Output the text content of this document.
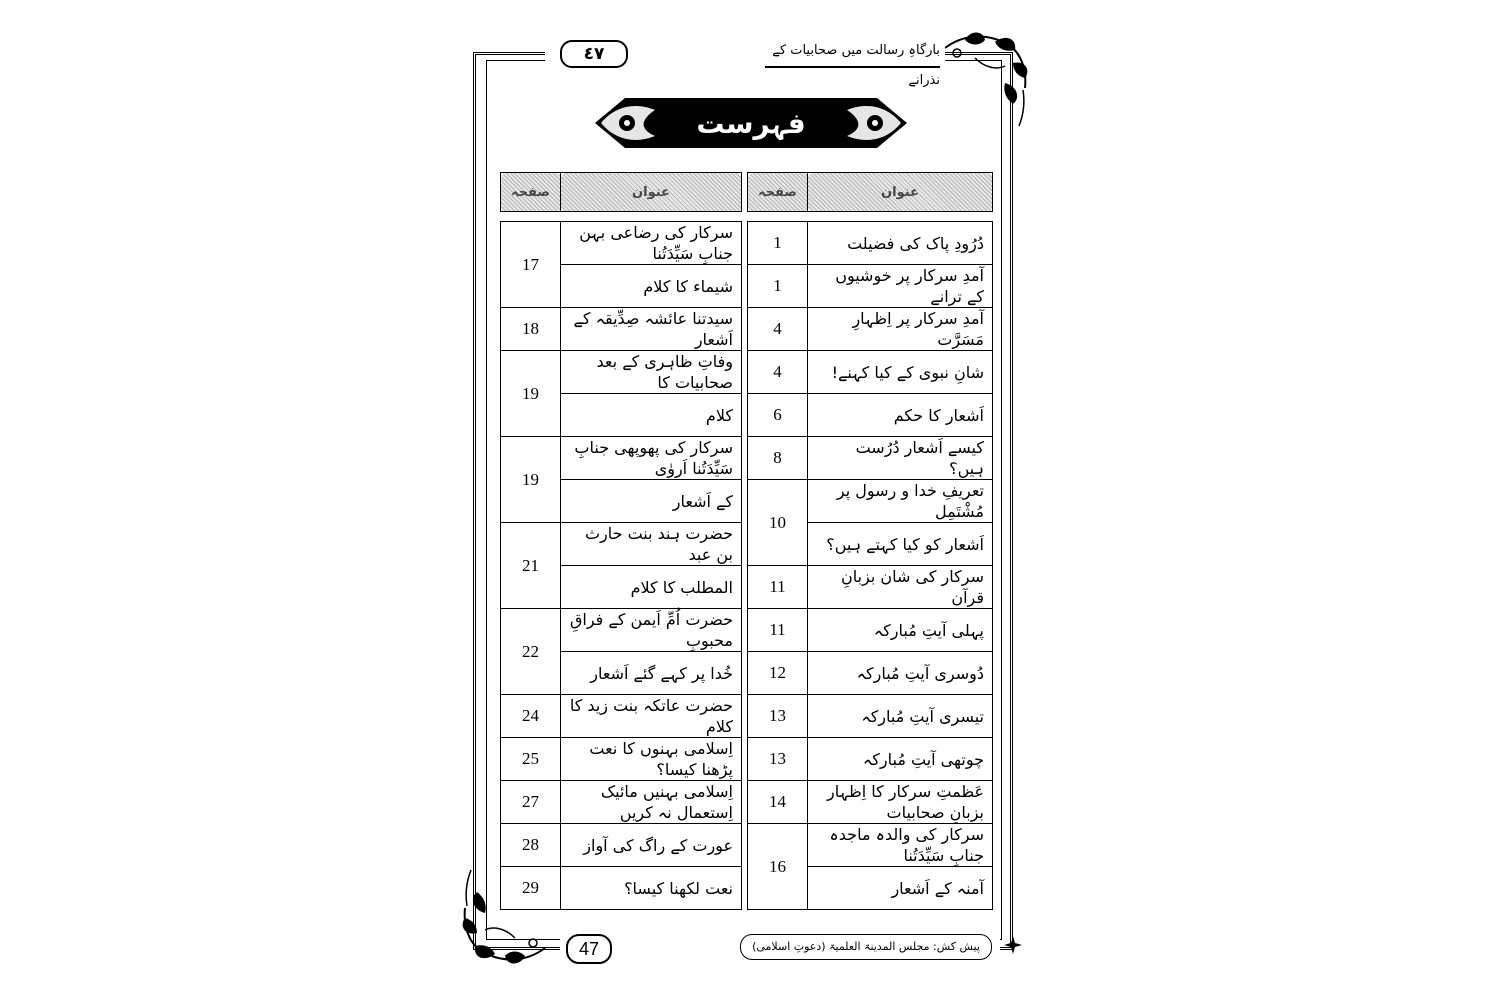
٤٧	بارگاہِ رسالت میں صحابیات کے نذرانے
فہرست
صفحہ	عنوان		صفحہ	عنوان

17	سرکار کی رضاعی بہن جنابِ سَیِّدَتُنا		1	دُرُودِ پاک کی فضیلت
	شیماء کا کلام		1	آمدِ سرکار پر خوشیوں کے ترانے
18	سیدتنا عائشہ صِدِّیقہ کے اَشعار		4	آمدِ سرکار پر اِظہارِ مَسَرَّت
19	وفاتِ ظاہری کے بعد صحابیات کا		4	شانِ نبوی کے کیا کہنے!
	کلام		6	اَشعار کا حکم
19	سرکار کی پھوپھی جنابِ سَیِّدَتُنا اَروٰی		8	کیسے اَشعار دُرُست ہیں؟
	کے اَشعار		10	تعریفِ خدا و رسول پر مُشْتَمِل
21	حضرت ہند بنت حارث بن عبد			اَشعار کو کیا کہتے ہیں؟
	المطلب کا کلام		11	سرکار کی شان بزبانِ قرآن
22	حضرت اُمِّ اَیمن کے فراقِ محبوبِ		11	پہلی آیتِ مُبارکہ
	خُدا پر کہے گئے اَشعار		12	دُوسری آیتِ مُبارکہ
24	حضرت عاتکہ بنت زید کا کلام		13	تیسری آیتِ مُبارکہ
25	اِسلامی بہنوں کا نعت پڑھنا کیسا؟		13	چوتھی آیتِ مُبارکہ
27	اِسلامی بہنیں مائیک اِستعمال نہ کریں		14	عَظمتِ سرکار کا اِظہار بزبانِ صحابیات
28	عورت کے راگ کی آواز		16	سرکار کی والدہ ماجدہ جنابِ سَیِّدَتُنا
29	نعت لکھنا کیسا؟			آمنہ کے اَشعار
47	پیش کش: مجلس المدینۃ العلمیۃ (دعوتِ اسلامی)
